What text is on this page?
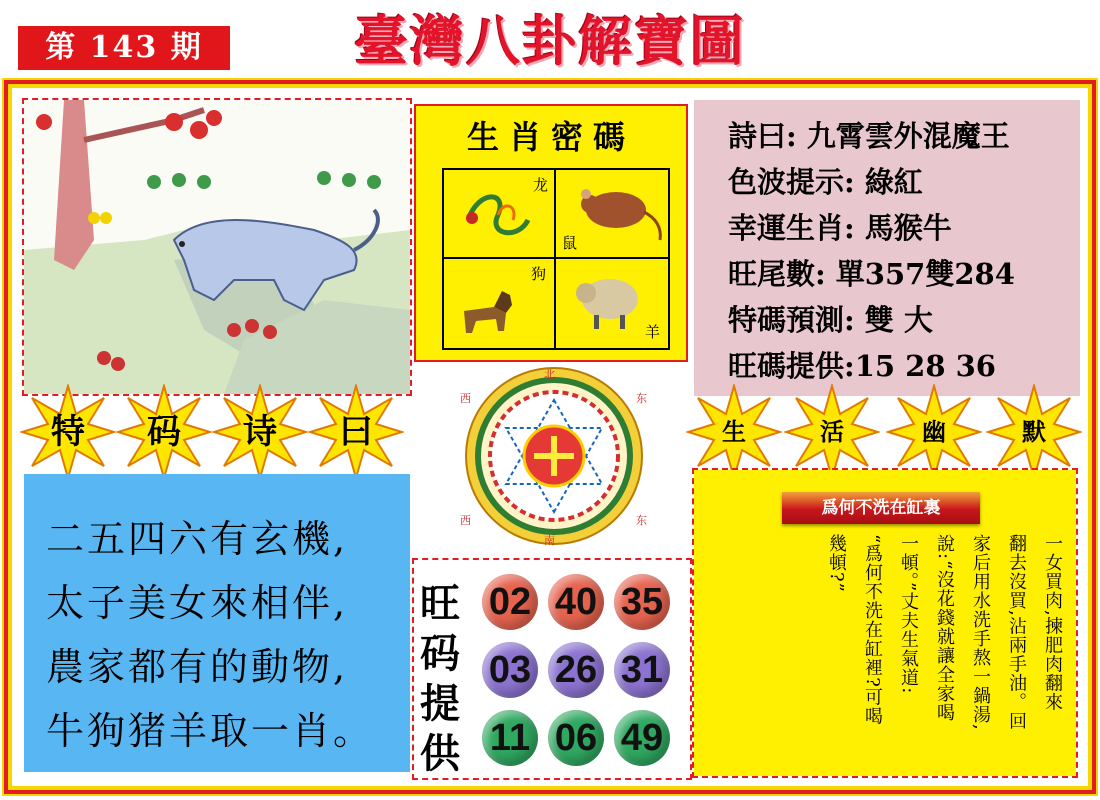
第 143 期	臺灣八卦解寶圖
生肖密碼
龙
鼠
狗
羊
詩曰: 九霄雲外混魔王
色波提示: 綠紅
幸運生肖: 馬猴牛
旺尾數: 單357雙284
特碼預測: 雙 大
旺碼提供:15 28 36
特	码	诗	曰	生	活	幽	默
北
西	东
西
南
东
二五四六有玄機,
太子美女來相伴,
農家都有的動物,
牛狗猪羊取一肖。
旺
码
提
供
02 40 35
03 26 31
11 06 49
爲何不洗在缸裏
一女買肉,揀肥肉翻來
翻去沒買,沾兩手油。回
家后用水洗手熬一鍋湯,
說:“沒花錢就讓全家喝
一頓。”丈夫生氣道:
“爲何不洗在缸裡?可喝
幾頓?”
